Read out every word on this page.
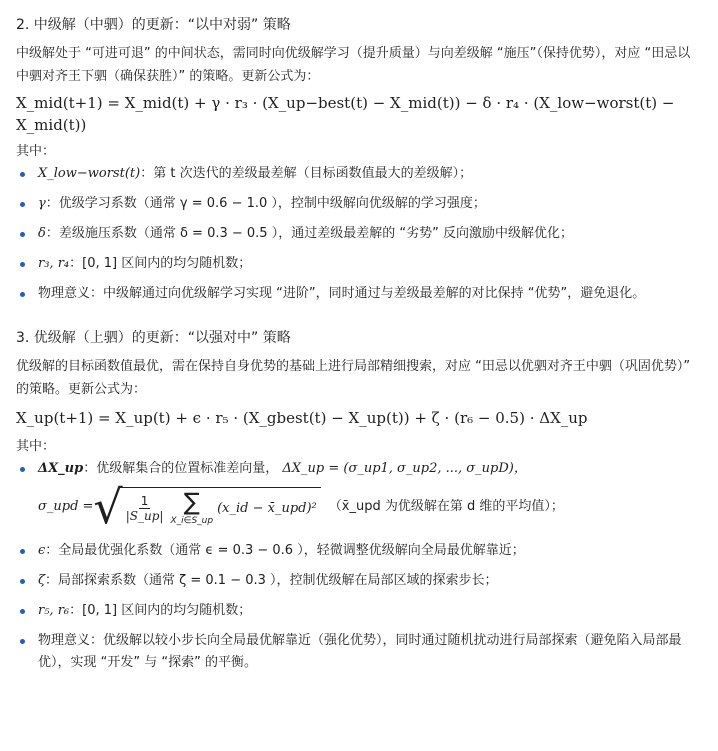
2. 中级解（中驷）的更新：“以中对弱” 策略

中级解处于 “可进可退” 的中间状态，需同时向优级解学习（提升质量）与向差级解 “施压”（保持优势），对应 “田忌以中驷对齐王下驷（确保获胜）” 的策略。更新公式为：

X_mid(t+1) = X_mid(t) + γ · r₃ · (X_up−best(t) − X_mid(t)) − δ · r₄ · (X_low−worst(t) −

X_mid(t))

其中：

X_low−worst(t)：第 t 次迭代的差级最差解（目标函数值最大的差级解）；
γ：优级学习系数（通常 γ = 0.6 − 1.0 ），控制中级解向优级解的学习强度；
δ：差级施压系数（通常 δ = 0.3 − 0.5 ），通过差级最差解的 “劣势” 反向激励中级解优化；
r₃, r₄：[0, 1] 区间内的均匀随机数；
物理意义：中级解通过向优级解学习实现 “进阶”，同时通过与差级最差解的对比保持 “优势”，避免退化。

3. 优级解（上驷）的更新：“以强对中” 策略

优级解的目标函数值最优，需在保持自身优势的基础上进行局部精细搜索，对应 “田忌以优驷对齐王中驷（巩固优势）” 的策略。更新公式为：

X_up(t+1) = X_up(t) + ϵ · r₅ · (X_gbest(t) − X_up(t)) + ζ · (r₆ − 0.5) · ΔX_up

其中：

ΔX_up：优级解集合的位置标准差向量， ΔX_up = (σ_up1, σ_up2, ..., σ_upD)，
σ_upd = √ $\frac{1}{|S\_up|}$ ∑
X_i∈S_up
(x_id − x̄_upd)² （x̄_upd 为优级解在第 d 维的平均值）；
ϵ：全局最优强化系数（通常 ϵ = 0.3 − 0.6 ），轻微调整优级解向全局最优解靠近；
ζ：局部探索系数（通常 ζ = 0.1 − 0.3 ），控制优级解在局部区域的探索步长；
r₅, r₆：[0, 1] 区间内的均匀随机数；
物理意义：优级解以较小步长向全局最优解靠近（强化优势），同时通过随机扰动进行局部探索（避免陷入局部最优），实现 “开发” 与 “探索” 的平衡。
